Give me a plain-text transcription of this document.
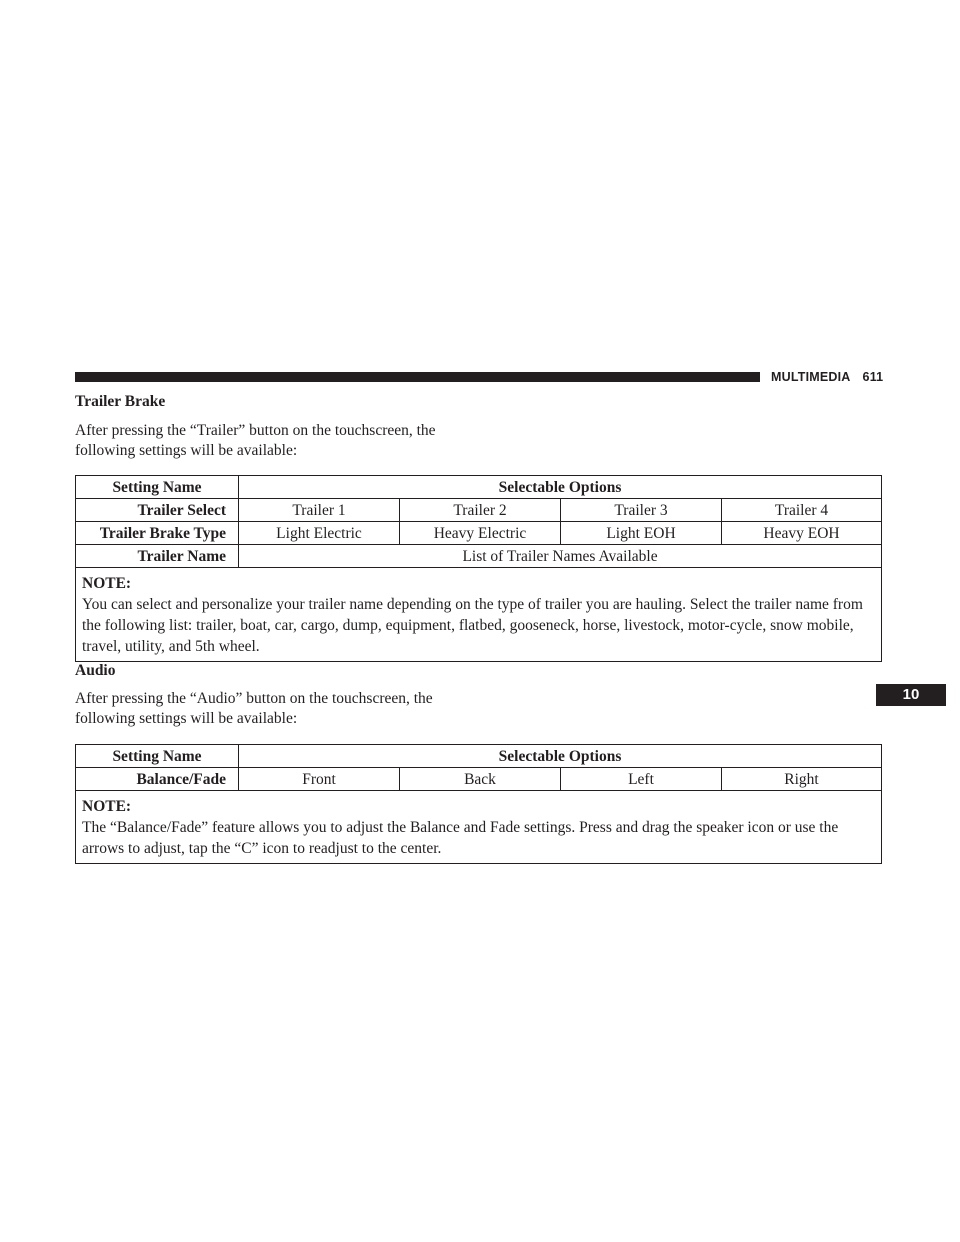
MULTIMEDIA 611
10
Trailer Brake

After pressing the “Trailer” button on the touchscreen, the following settings will be available:

Setting Name	Selectable Options			
Trailer Select	Trailer 1	Trailer 2	Trailer 3	Trailer 4
Trailer Brake Type	Light Electric	Heavy Electric	Light EOH	Heavy EOH
Trailer Name	List of Trailer Names Available			

NOTE:
You can select and personalize your trailer name depending on the type of trailer you are hauling. Select the trailer name from the following list: trailer, boat, car, cargo, dump, equipment, flatbed, gooseneck, horse, livestock, motor-cycle, snow mobile, travel, utility, and 5th wheel.				
Audio

After pressing the “Audio” button on the touchscreen, the following settings will be available:

Setting Name	Selectable Options			
Balance/Fade	Front	Back	Left	Right

NOTE:
The “Balance/Fade” feature allows you to adjust the Balance and Fade settings. Press and drag the speaker icon or use the arrows to adjust, tap the “C” icon to readjust to the center.				
